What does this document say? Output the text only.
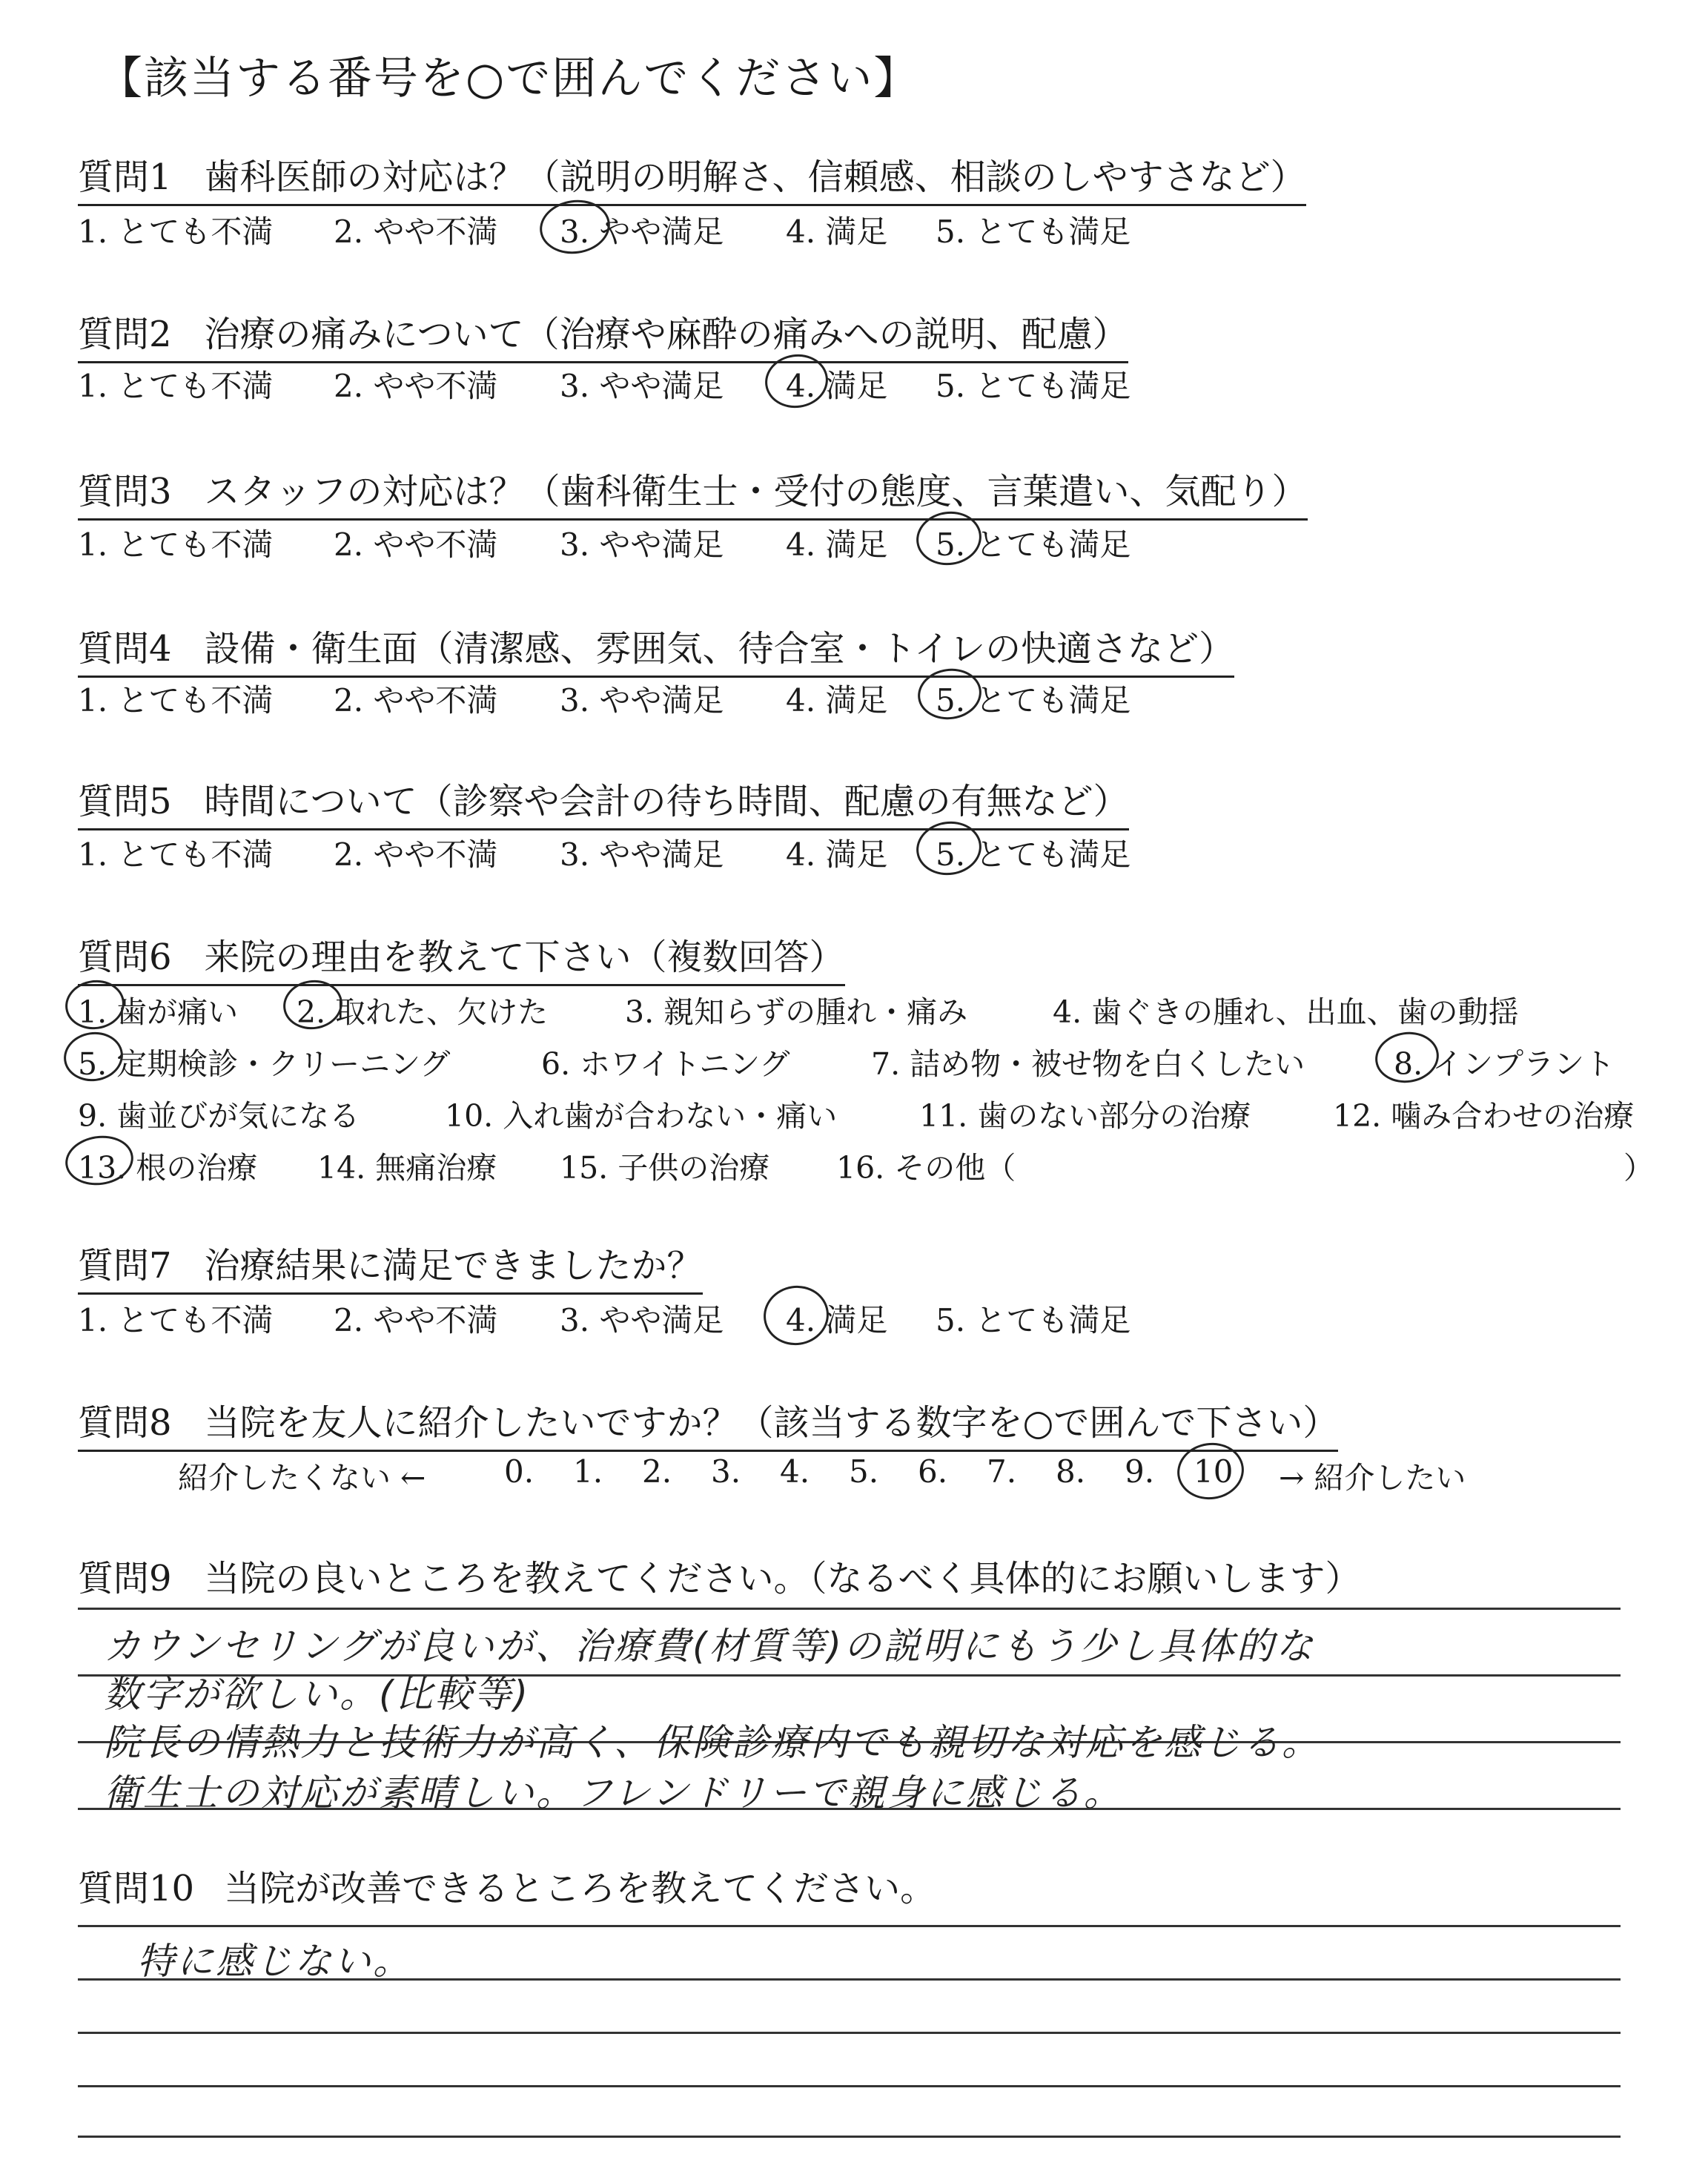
【該当する番号を○で囲んでください】
質問1 歯科医師の対応は？（説明の明解さ、信頼感、相談のしやすさなど）
1. とても不満 2. やや不満 3. やや満足 4. 満足 5. とても満足
質問2 治療の痛みについて（治療や麻酔の痛みへの説明、配慮）
1. とても不満 2. やや不満 3. やや満足 4. 満足 5. とても満足
質問3 スタッフの対応は？（歯科衛生士・受付の態度、言葉遣い、気配り）
1. とても不満 2. やや不満 3. やや満足 4. 満足 5. とても満足
質問4 設備・衛生面（清潔感、雰囲気、待合室・トイレの快適さなど）
1. とても不満 2. やや不満 3. やや満足 4. 満足 5. とても満足
質問5 時間について（診察や会計の待ち時間、配慮の有無など）
1. とても不満 2. やや不満 3. やや満足 4. 満足 5. とても満足
質問6 来院の理由を教えて下さい（複数回答）
1. 歯が痛い 2. 取れた、欠けた	3. 親知らずの腫れ・痛み	4. 歯ぐきの腫れ、出血、歯の動揺
5. 定期検診・クリーニング	6. ホワイトニング	7. 詰め物・被せ物を白くしたい	8. インプラント
9. 歯並びが気になる	10. 入れ歯が合わない・痛い	11. 歯のない部分の治療	12. 噛み合わせの治療
13. 根の治療 14. 無痛治療 15. 子供の治療 16. その他（	）
質問7 治療結果に満足できましたか？
1. とても不満 2. やや不満 3. やや満足 4. 満足 5. とても満足
質問8 当院を友人に紹介したいですか？（該当する数字を○で囲んで下さい）
紹介したくない ←	0. 1. 2. 3. 4. 5. 6. 7. 8. 9. 10 → 紹介したい
質問9 当院の良いところを教えてください。（なるべく具体的にお願いします）
カウンセリングが良いが、治療費(材質等)の説明にもう少し具体的な
数字が欲しい。(比較等)
院長の情熱力と技術力が高く、保険診療内でも親切な対応を感じる。
衛生士の対応が素晴しい。フレンドリーで親身に感じる。
質問10 当院が改善できるところを教えてください。
特に感じない。
